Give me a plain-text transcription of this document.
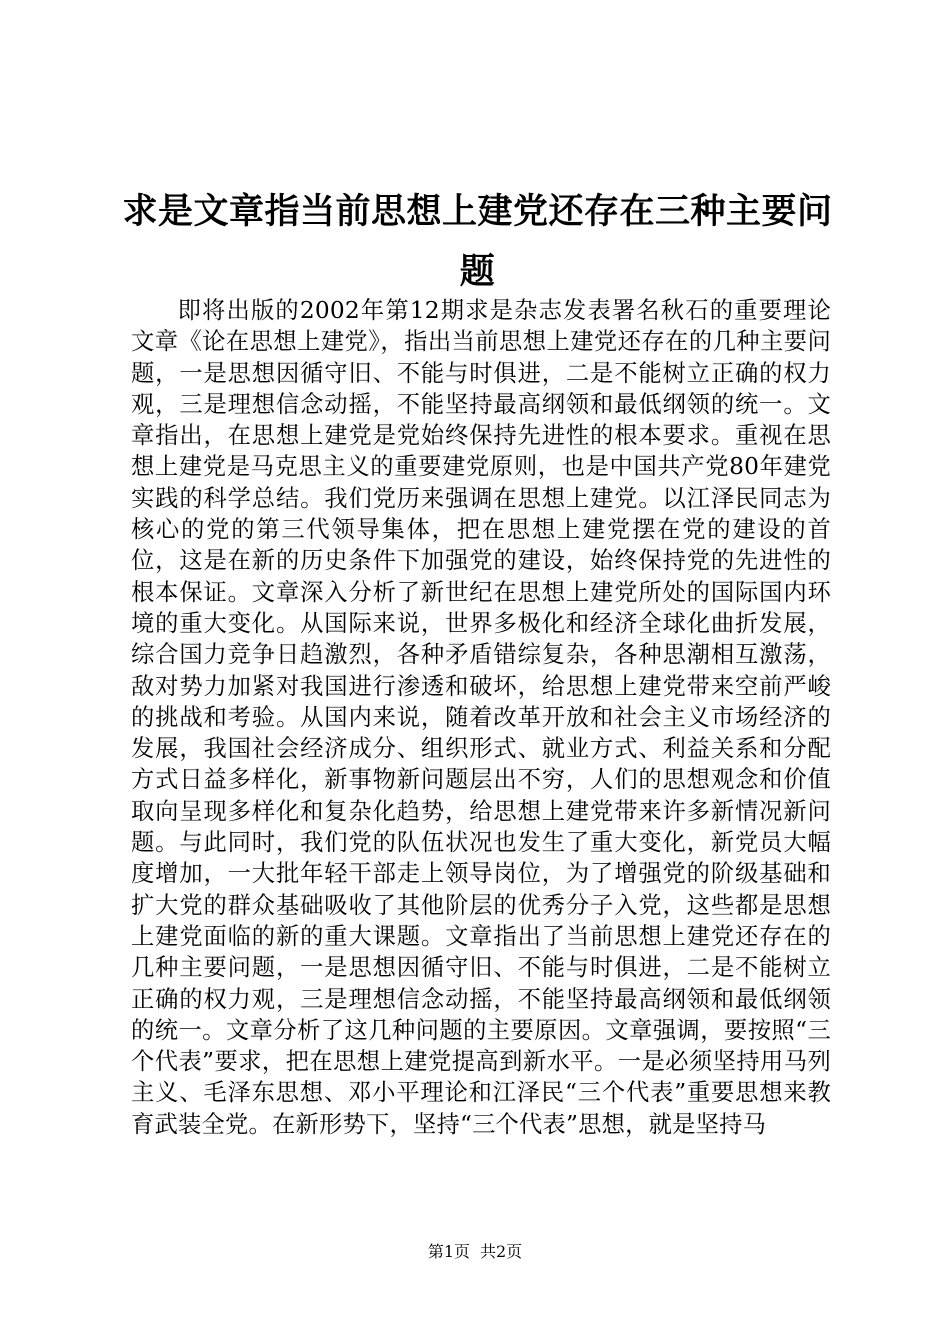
求是文章指当前思想上建党还存在三种主要问题

即将出版的2002年第12期求是杂志发表署名秋石的重要理论文章《论在思想上建党》，指出当前思想上建党还存在的几种主要问题，一是思想因循守旧、不能与时俱进，二是不能树立正确的权力观，三是理想信念动摇，不能坚持最高纲领和最低纲领的统一。文章指出，在思想上建党是党始终保持先进性的根本要求。重视在思想上建党是马克思主义的重要建党原则，也是中国共产党80年建党实践的科学总结。我们党历来强调在思想上建党。以江泽民同志为核心的党的第三代领导集体，把在思想上建党摆在党的建设的首位，这是在新的历史条件下加强党的建设，始终保持党的先进性的根本保证。文章深入分析了新世纪在思想上建党所处的国际国内环境的重大变化。从国际来说，世界多极化和经济全球化曲折发展，综合国力竞争日趋激烈，各种矛盾错综复杂，各种思潮相互激荡，敌对势力加紧对我国进行渗透和破坏，给思想上建党带来空前严峻的挑战和考验。从国内来说，随着改革开放和社会主义市场经济的发展，我国社会经济成分、组织形式、就业方式、利益关系和分配方式日益多样化，新事物新问题层出不穷，人们的思想观念和价值取向呈现多样化和复杂化趋势，给思想上建党带来许多新情况新问题。与此同时，我们党的队伍状况也发生了重大变化，新党员大幅度增加，一大批年轻干部走上领导岗位，为了增强党的阶级基础和扩大党的群众基础吸收了其他阶层的优秀分子入党，这些都是思想上建党面临的新的重大课题。文章指出了当前思想上建党还存在的几种主要问题，一是思想因循守旧、不能与时俱进，二是不能树立正确的权力观，三是理想信念动摇，不能坚持最高纲领和最低纲领的统一。文章分析了这几种问题的主要原因。文章强调，要按照“三个代表”要求，把在思想上建党提高到新水平。一是必须坚持用马列主义、毛泽东思想、邓小平理论和江泽民“三个代表”重要思想来教育武装全党。在新形势下，坚持“三个代表”思想，就是坚持马

第1页 共2页
